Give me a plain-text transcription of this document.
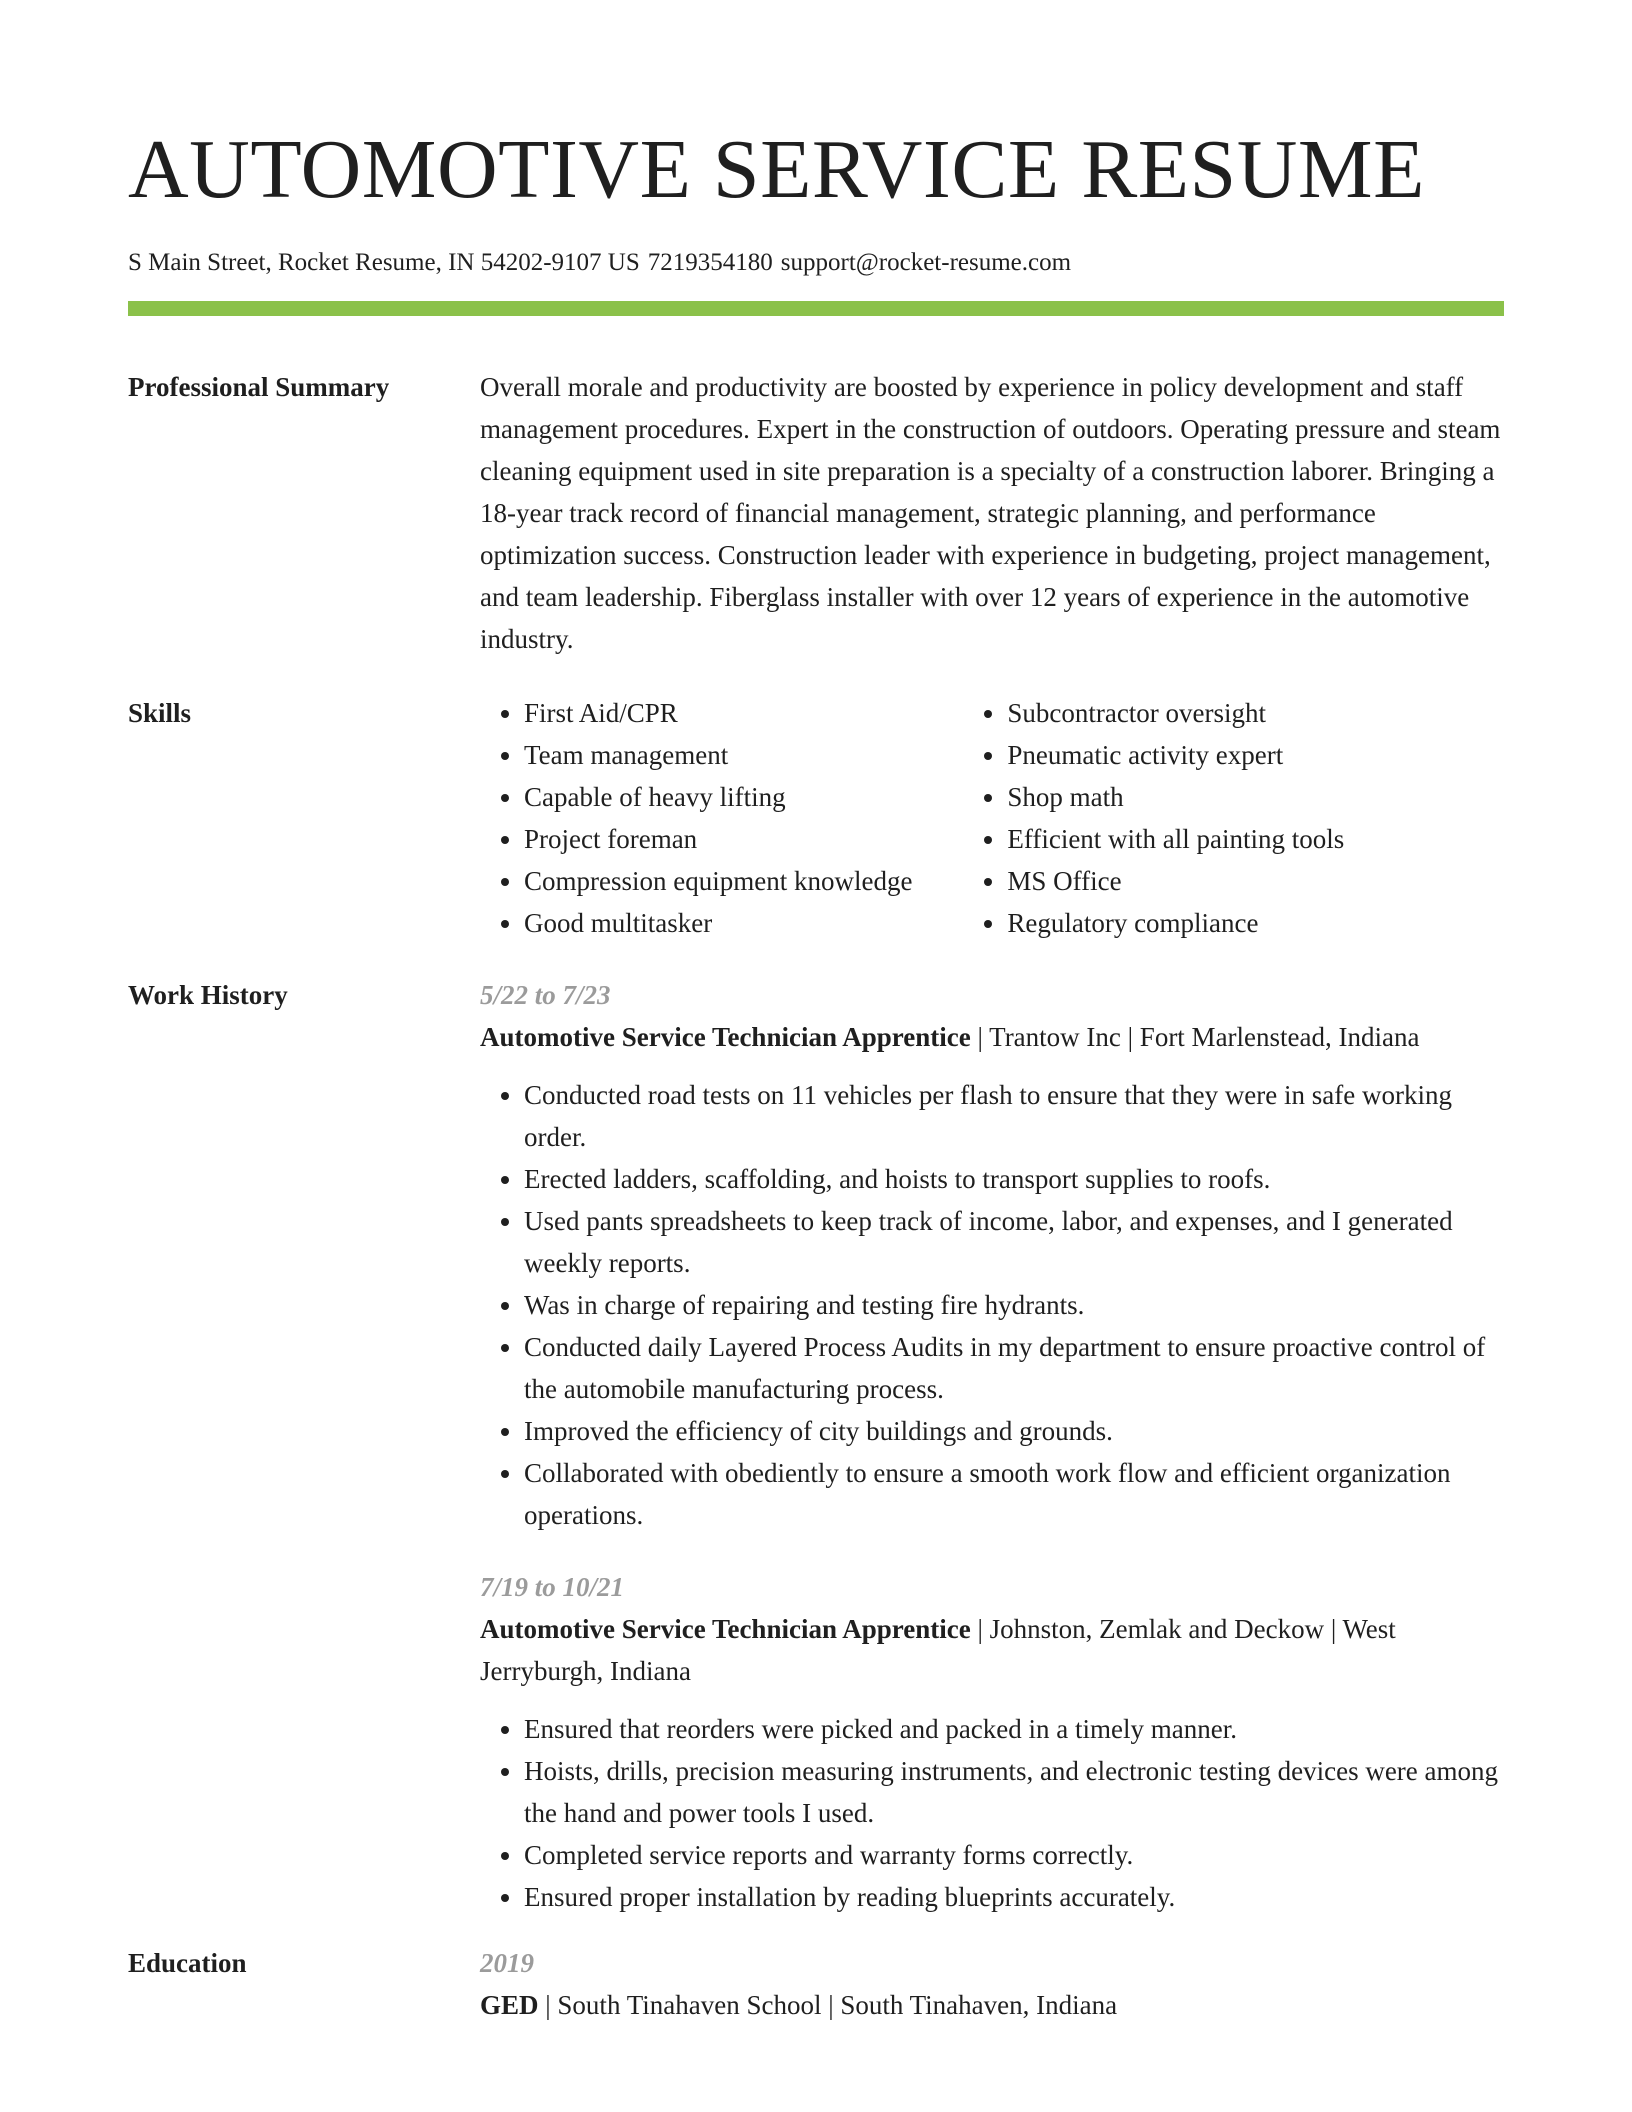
AUTOMOTIVE SERVICE RESUME
S Main Street, Rocket Resume, IN 54202-9107 US 7219354180 support@rocket-resume.com
Professional Summary	Overall morale and productivity are boosted by experience in policy development and staff management procedures. Expert in the construction of outdoors. Operating pressure and steam cleaning equipment used in site preparation is a specialty of a construction laborer. Bringing a 18-year track record of financial management, strategic planning, and performance optimization success. Construction leader with experience in budgeting, project management, and team leadership. Fiberglass installer with over 12 years of experience in the automotive industry.
Skills
•	First Aid/CPR
• Team management
• Capable of heavy lifting
• Project foreman
• Compression equipment knowledge
• Good multitasker
• Subcontractor oversight
• Pneumatic activity expert
• Shop math
• Efficient with all painting tools
• MS Office
• Regulatory compliance
Work History	5/22 to 7/23
Automotive Service Technician Apprentice | Trantow Inc | Fort Marlenstead, Indiana
• Conducted road tests on 11 vehicles per flash to ensure that they were in safe working order.
• Erected ladders, scaffolding, and hoists to transport supplies to roofs.
• Used pants spreadsheets to keep track of income, labor, and expenses, and I generated weekly reports.
• Was in charge of repairing and testing fire hydrants.
• Conducted daily Layered Process Audits in my department to ensure proactive control of the automobile manufacturing process.
• Improved the efficiency of city buildings and grounds.
• Collaborated with obediently to ensure a smooth work flow and efficient organization operations.
7/19 to 10/21
Automotive Service Technician Apprentice | Johnston, Zemlak and Deckow | West Jerryburgh, Indiana
• Ensured that reorders were picked and packed in a timely manner.
• Hoists, drills, precision measuring instruments, and electronic testing devices were among the hand and power tools I used.
• Completed service reports and warranty forms correctly.
• Ensured proper installation by reading blueprints accurately.
Education	2019
GED | South Tinahaven School | South Tinahaven, Indiana
